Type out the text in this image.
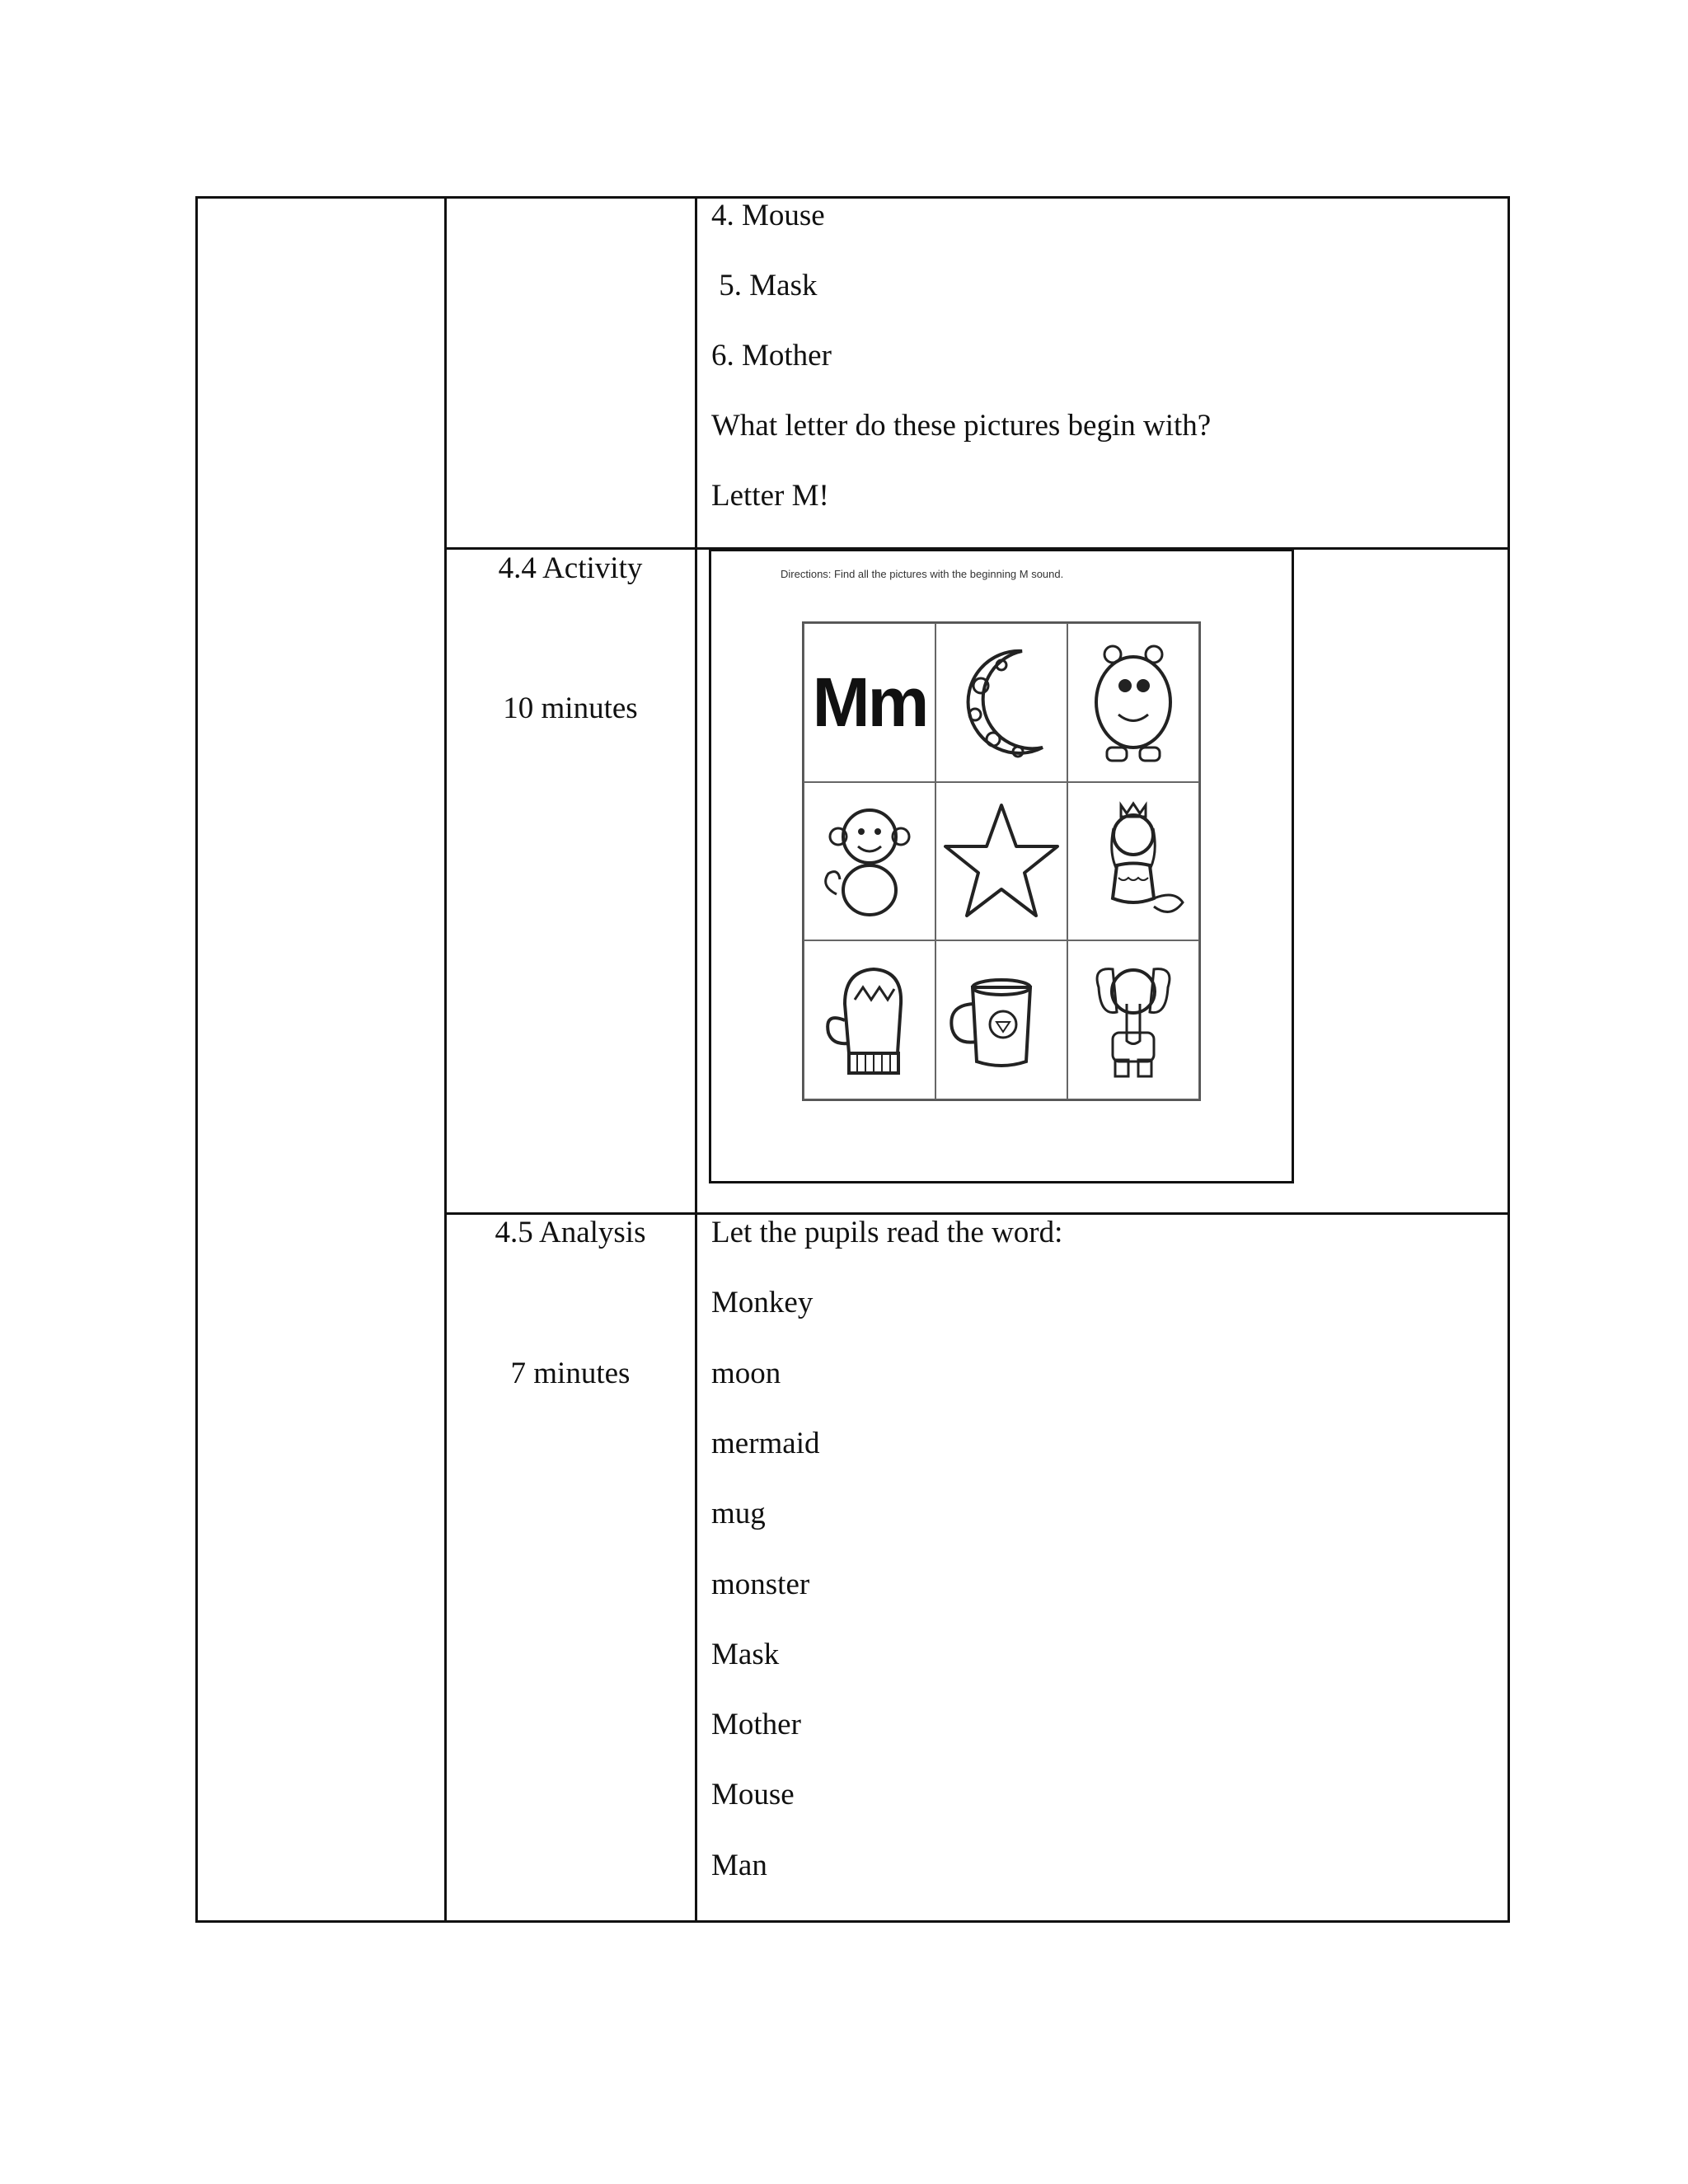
4. Mouse
5. Mask
6. Mother
What letter do these pictures begin with?
Letter M!
4.4 Activity
10 minutes
Directions: Find all the pictures with the beginning M sound.
Mm
4.5 Analysis
7 minutes
Let the pupils read the word:
Monkey
moon
mermaid
mug
monster
Mask
Mother
Mouse
Man
